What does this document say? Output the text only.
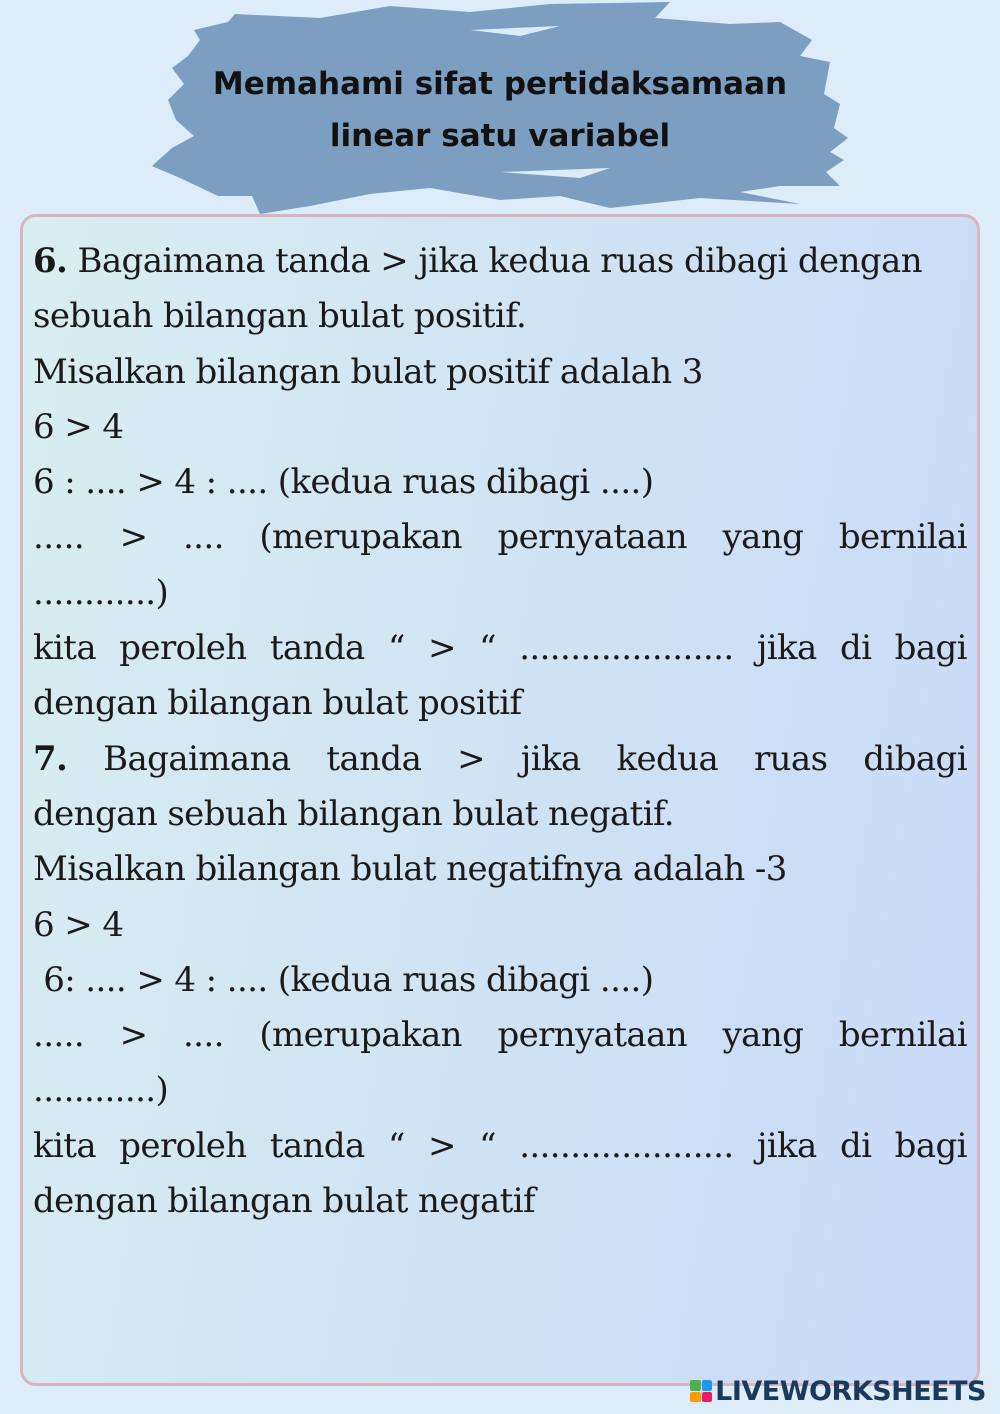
Memahami sifat pertidaksamaan
linear satu variabel
6. Bagaimana tanda > jika kedua ruas dibagi dengan
sebuah bilangan bulat positif.
Misalkan bilangan bulat positif adalah 3
6 > 4
6 : .... > 4 : .... (kedua ruas dibagi ....)
..... > .... (merupakan pernyataan yang bernilai
............)
kita peroleh tanda “ > “ ..................... jika di bagi
dengan bilangan bulat positif
7. Bagaimana tanda > jika kedua ruas dibagi
dengan sebuah bilangan bulat negatif.
Misalkan bilangan bulat negatifnya adalah -3
6 > 4
6: .... > 4 : .... (kedua ruas dibagi ....)
..... > .... (merupakan pernyataan yang bernilai
............)
kita peroleh tanda “ > “ ..................... jika di bagi
dengan bilangan bulat negatif
LIVEWORKSHEETS
